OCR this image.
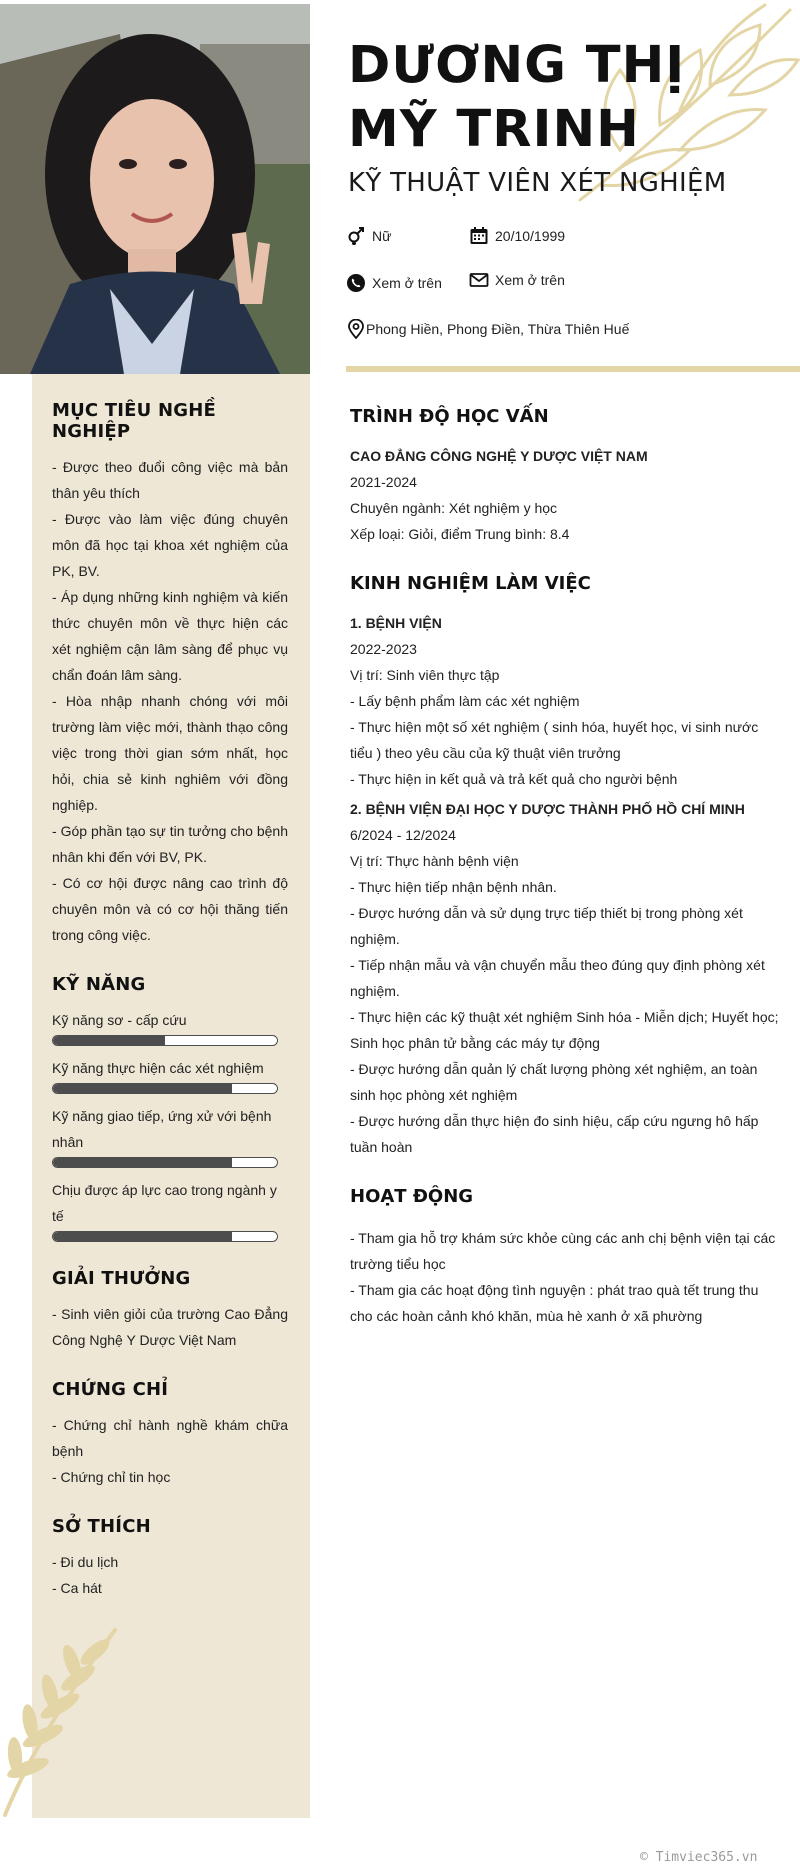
MỤC TIÊU NGHỀ NGHIỆP
- Được theo đuổi công việc mà bản thân yêu thích
- Được vào làm việc đúng chuyên môn đã học tại khoa xét nghiệm của PK, BV.
- Áp dụng những kinh nghiệm và kiến thức chuyên môn về thực hiện các xét nghiệm cận lâm sàng để phục vụ chẩn đoán lâm sàng.
- Hòa nhập nhanh chóng với môi trường làm việc mới, thành thạo công việc trong thời gian sớm nhất, học hỏi, chia sẻ kinh nghiêm với đồng nghiệp.
- Góp phần tạo sự tin tưởng cho bệnh nhân khi đến với BV, PK.
- Có cơ hội được nâng cao trình độ chuyên môn và có cơ hội thăng tiến trong công việc.
KỸ NĂNG
Kỹ năng sơ - cấp cứu
Kỹ năng thực hiện các xét nghiệm
Kỹ năng giao tiếp, ứng xử với bệnh nhân
Chịu được áp lực cao trong ngành y tế
GIẢI THƯỞNG
- Sinh viên giỏi của trường Cao Đẳng Công Nghệ Y Dược Việt Nam
CHỨNG CHỈ
- Chứng chỉ hành nghề khám chữa bệnh
- Chứng chỉ tin học
SỞ THÍCH
- Đi du lịch
- Ca hát
DƯƠNG THỊ MỸ TRINH
KỸ THUẬT VIÊN XÉT NGHIỆM
Nữ	20/10/1999
Xem ở trên	Xem ở trên
Phong Hiền, Phong Điền, Thừa Thiên Huế
TRÌNH ĐỘ HỌC VẤN
CAO ĐẲNG CÔNG NGHỆ Y DƯỢC VIỆT NAM
2021-2024
Chuyên ngành: Xét nghiệm y học
Xếp loại: Giỏi, điểm Trung bình: 8.4
KINH NGHIỆM LÀM VIỆC
1. BỆNH VIỆN
2022-2023
Vị trí: Sinh viên thực tập
- Lấy bệnh phẩm làm các xét nghiệm
- Thực hiện một số xét nghiệm ( sinh hóa, huyết học, vi sinh nước tiểu ) theo yêu cầu của kỹ thuật viên trưởng
- Thực hiện in kết quả và trả kết quả cho người bệnh
2. BỆNH VIỆN ĐẠI HỌC Y DƯỢC THÀNH PHỐ HỒ CHÍ MINH
6/2024 - 12/2024
Vị trí: Thực hành bệnh viện
- Thực hiện tiếp nhận bệnh nhân.
- Được hướng dẫn và sử dụng trực tiếp thiết bị trong phòng xét nghiệm.
- Tiếp nhận mẫu và vận chuyển mẫu theo đúng quy định phòng xét nghiệm.
- Thực hiện các kỹ thuật xét nghiệm Sinh hóa - Miễn dịch; Huyết học; Sinh học phân tử bằng các máy tự động
- Được hướng dẫn quản lý chất lượng phòng xét nghiệm, an toàn sinh học phòng xét nghiệm
- Được hướng dẫn thực hiện đo sinh hiệu, cấp cứu ngưng hô hấp tuần hoàn
HOẠT ĐỘNG
- Tham gia hỗ trợ khám sức khỏe cùng các anh chị bệnh viện tại các trường tiểu học
- Tham gia các hoạt động tình nguyện : phát trao quà tết trung thu cho các hoàn cảnh khó khăn, mùa hè xanh ở xã phường
© Timviec365.vn
